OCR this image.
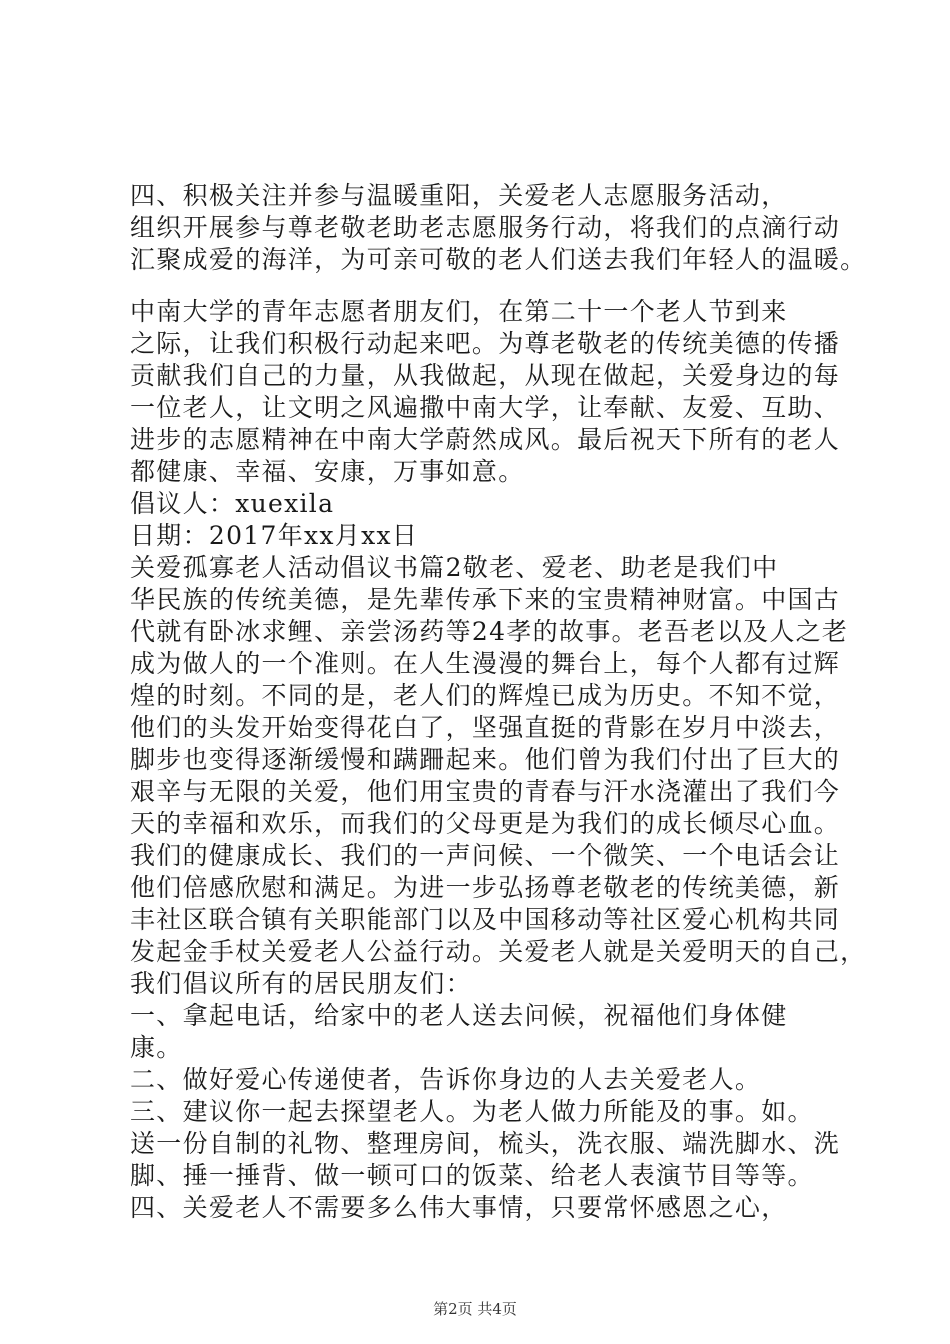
四、积极关注并参与温暖重阳，关爱老人志愿服务活动，
组织开展参与尊老敬老助老志愿服务行动，将我们的点滴行动
汇聚成爱的海洋，为可亲可敬的老人们送去我们年轻人的温暖。
中南大学的青年志愿者朋友们，在第二十一个老人节到来
之际，让我们积极行动起来吧。为尊老敬老的传统美德的传播
贡献我们自己的力量，从我做起，从现在做起，关爱身边的每
一位老人，让文明之风遍撒中南大学，让奉献、友爱、互助、
进步的志愿精神在中南大学蔚然成风。最后祝天下所有的老人
都健康、幸福、安康，万事如意。
倡议人：xuexila
日期：2017年xx月xx日
关爱孤寡老人活动倡议书篇2敬老、爱老、助老是我们中
华民族的传统美德，是先辈传承下来的宝贵精神财富。中国古
代就有卧冰求鲤、亲尝汤药等24孝的故事。老吾老以及人之老
成为做人的一个准则。在人生漫漫的舞台上，每个人都有过辉
煌的时刻。不同的是，老人们的辉煌已成为历史。不知不觉，
他们的头发开始变得花白了，坚强直挺的背影在岁月中淡去，
脚步也变得逐渐缓慢和蹒跚起来。他们曾为我们付出了巨大的
艰辛与无限的关爱，他们用宝贵的青春与汗水浇灌出了我们今
天的幸福和欢乐，而我们的父母更是为我们的成长倾尽心血。
我们的健康成长、我们的一声问候、一个微笑、一个电话会让
他们倍感欣慰和满足。为进一步弘扬尊老敬老的传统美德，新
丰社区联合镇有关职能部门以及中国移动等社区爱心机构共同
发起金手杖关爱老人公益行动。关爱老人就是关爱明天的自己，
我们倡议所有的居民朋友们：
一、拿起电话，给家中的老人送去问候，祝福他们身体健
康。
二、做好爱心传递使者，告诉你身边的人去关爱老人。
三、建议你一起去探望老人。为老人做力所能及的事。如。
送一份自制的礼物、整理房间，梳头，洗衣服、端洗脚水、洗
脚、捶一捶背、做一顿可口的饭菜、给老人表演节目等等。
四、关爱老人不需要多么伟大事情，只要常怀感恩之心，
第2页 共4页
